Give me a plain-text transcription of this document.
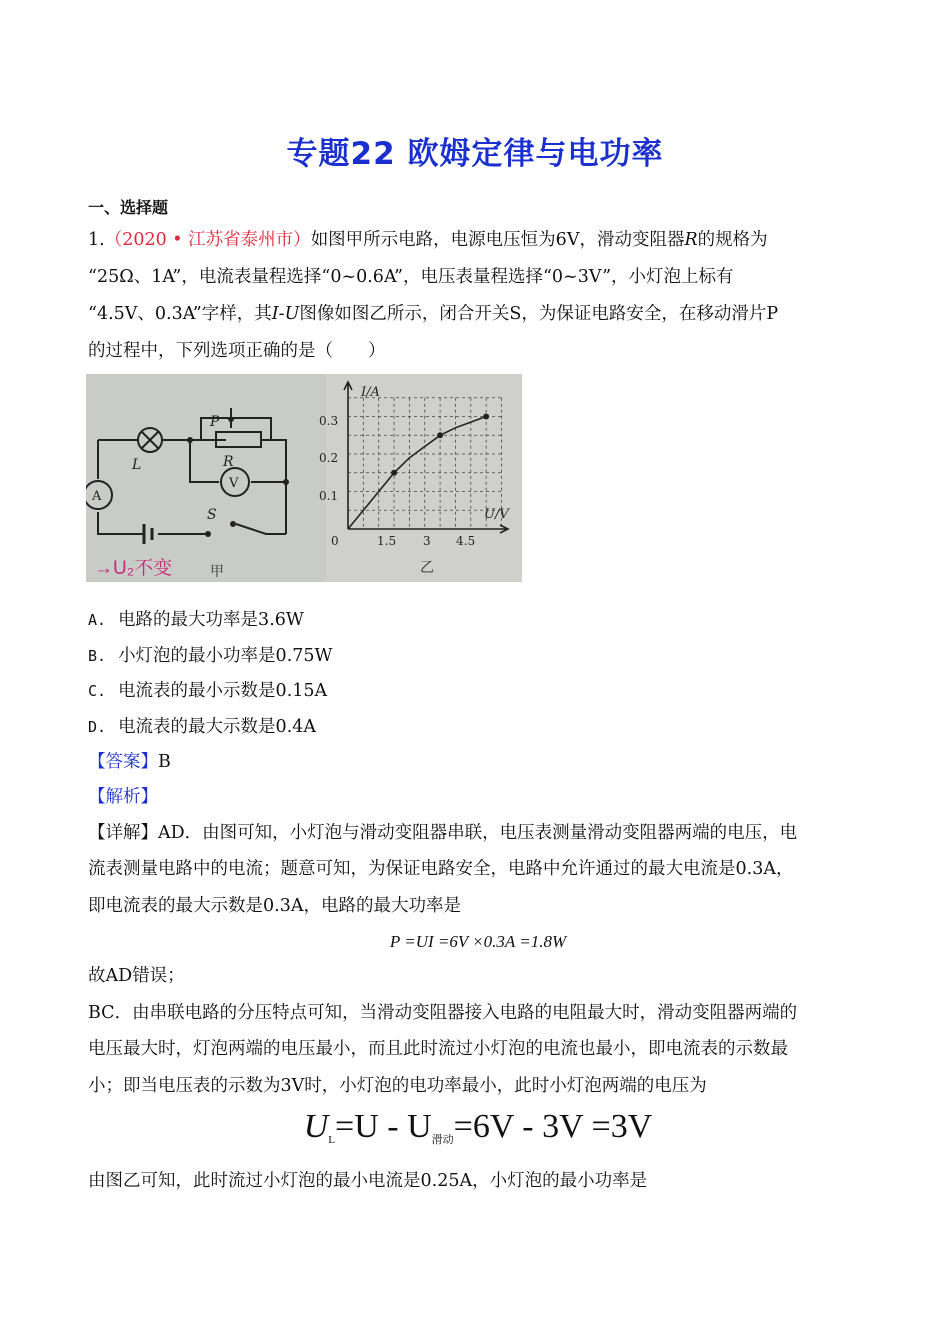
专题22 欧姆定律与电功率
一、选择题
1.（2020 • 江苏省泰州市）如图甲所示电路，电源电压恒为6V，滑动变阻器R的规格为
“25Ω、1A”，电流表量程选择“0~0.6A”，电压表量程选择“0~3V”，小灯泡上标有
“4.5V、0.3A”字样，其I-U图像如图乙所示，闭合开关S，为保证电路安全，在移动滑片P
的过程中，下列选项正确的是（　　）
L
P
R
V
A
S
→U₂不变	甲
I/A
U/V
0.1
0.2
0.3
0	1.5 3 4.5
乙
A. 电路的最大功率是3.6W
B. 小灯泡的最小功率是0.75W
C. 电流表的最小示数是0.15A
D. 电流表的最大示数是0.4A
【答案】B
【解析】
【详解】AD．由图可知，小灯泡与滑动变阻器串联，电压表测量滑动变阻器两端的电压，电
流表测量电路中的电流；题意可知，为保证电路安全，电路中允许通过的最大电流是0.3A，
即电流表的最大示数是0.3A，电路的最大功率是
P =UI =6V ×0.3A =1.8W
故AD错误；
BC．由串联电路的分压特点可知，当滑动变阻器接入电路的电阻最大时，滑动变阻器两端的
电压最大时，灯泡两端的电压最小，而且此时流过小灯泡的电流也最小，即电流表的示数最
小；即当电压表的示数为3V时，小灯泡的电功率最小，此时小灯泡两端的电压为
$U_L=U - U_{滑动}=6V - 3V =3V$
由图乙可知，此时流过小灯泡的最小电流是0.25A，小灯泡的最小功率是
